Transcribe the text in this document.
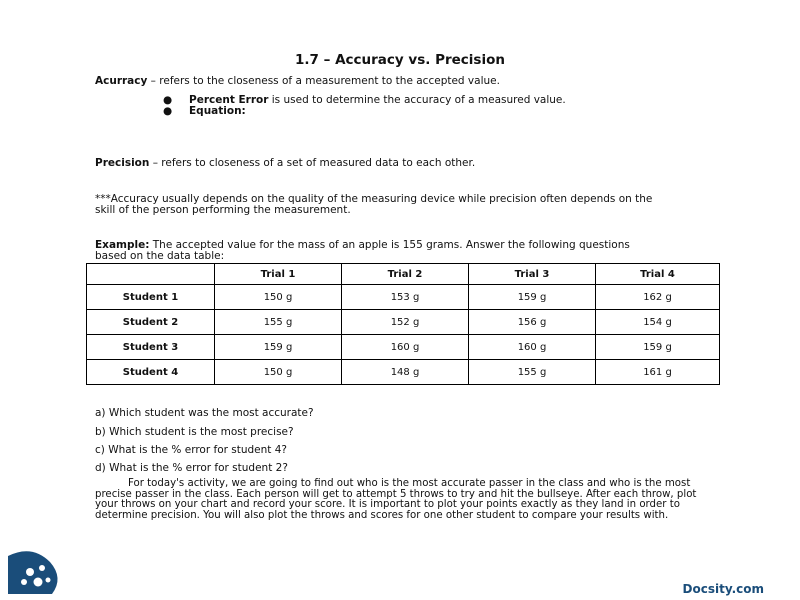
1.7 – Accuracy vs. Precision
Acurracy – refers to the closeness of a measurement to the accepted value.
● Percent Error is used to determine the accuracy of a measured value.
● Equation:
Precision – refers to closeness of a set of measured data to each other.
***Accuracy usually depends on the quality of the measuring device while precision often depends on the
skill of the person performing the measurement.
Example: The accepted value for the mass of an apple is 155 grams. Answer the following questions
based on the data table:
	Trial 1	Trial 2	Trial 3	Trial 4
Student 1	150 g	153 g	159 g	162 g
Student 2	155 g	152 g	156 g	154 g
Student 3	159 g	160 g	160 g	159 g
Student 4	150 g	148 g	155 g	161 g
a) Which student was the most accurate?
b) Which student is the most precise?
c) What is the % error for student 4?
d) What is the % error for student 2?
For today's activity, we are going to find out who is the most accurate passer in the class and who is the most precise passer in the class. Each person will get to attempt 5 throws to try and hit the bullseye. After each throw, plot your throws on your chart and record your score. It is important to plot your points exactly as they land in order to determine precision. You will also plot the throws and scores for one other student to compare your results with.
Docsity.com
